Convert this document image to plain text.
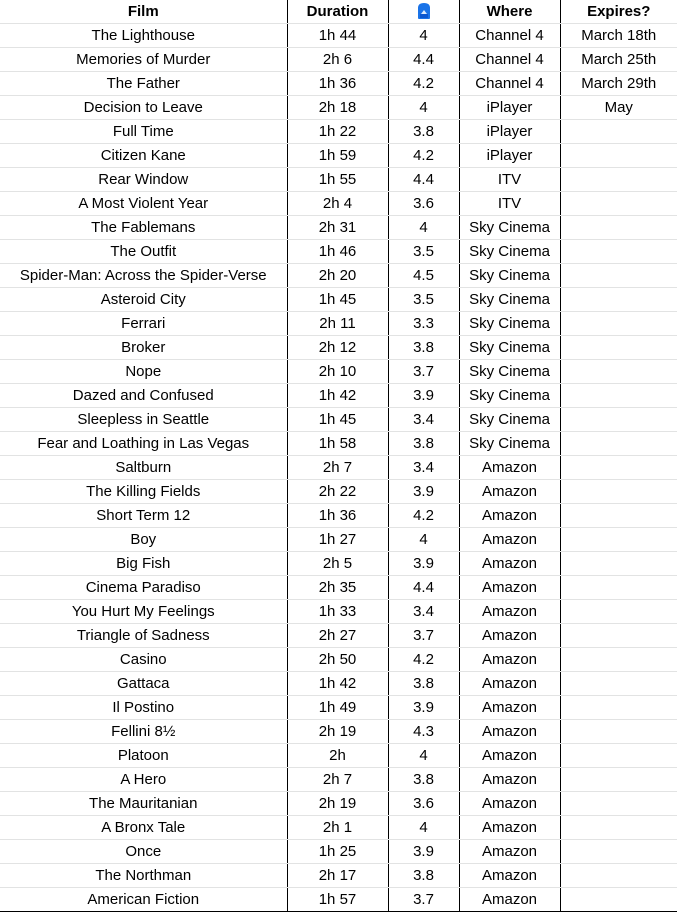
Film	Duration		Where	Expires?
The Lighthouse	1h 44	4	Channel 4	March 18th
Memories of Murder	2h 6	4.4	Channel 4	March 25th
The Father	1h 36	4.2	Channel 4	March 29th
Decision to Leave	2h 18	4	iPlayer	May
Full Time	1h 22	3.8	iPlayer	
Citizen Kane	1h 59	4.2	iPlayer	
Rear Window	1h 55	4.4	ITV	
A Most Violent Year	2h 4	3.6	ITV	
The Fablemans	2h 31	4	Sky Cinema	
The Outfit	1h 46	3.5	Sky Cinema	
Spider-Man: Across the Spider-Verse	2h 20	4.5	Sky Cinema	
Asteroid City	1h 45	3.5	Sky Cinema	
Ferrari	2h 11	3.3	Sky Cinema	
Broker	2h 12	3.8	Sky Cinema	
Nope	2h 10	3.7	Sky Cinema	
Dazed and Confused	1h 42	3.9	Sky Cinema	
Sleepless in Seattle	1h 45	3.4	Sky Cinema	
Fear and Loathing in Las Vegas	1h 58	3.8	Sky Cinema	
Saltburn	2h 7	3.4	Amazon	
The Killing Fields	2h 22	3.9	Amazon	
Short Term 12	1h 36	4.2	Amazon	
Boy	1h 27	4	Amazon	
Big Fish	2h 5	3.9	Amazon	
Cinema Paradiso	2h 35	4.4	Amazon	
You Hurt My Feelings	1h 33	3.4	Amazon	
Triangle of Sadness	2h 27	3.7	Amazon	
Casino	2h 50	4.2	Amazon	
Gattaca	1h 42	3.8	Amazon	
Il Postino	1h 49	3.9	Amazon	
Fellini 8½	2h 19	4.3	Amazon	
Platoon	2h	4	Amazon	
A Hero	2h 7	3.8	Amazon	
The Mauritanian	2h 19	3.6	Amazon	
A Bronx Tale	2h 1	4	Amazon	
Once	1h 25	3.9	Amazon	
The Northman	2h 17	3.8	Amazon	
American Fiction	1h 57	3.7	Amazon	
